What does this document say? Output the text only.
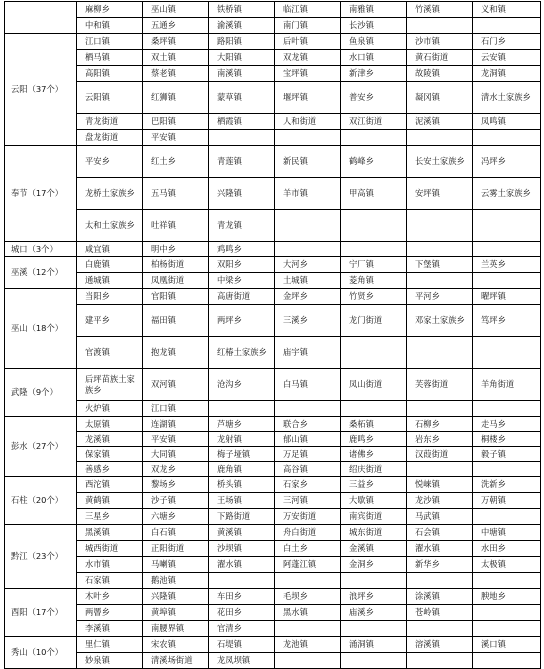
	麻柳乡	巫山镇	铁桥镇	临江镇	南雅镇	竹溪镇	义和镇
	中和镇	五通乡	渝溪镇	南门镇	长沙镇		
云阳（37个）	江口镇	桑坪镇	路阳镇	后叶镇	鱼泉镇	沙市镇	石门乡
	栖马镇	双土镇	大阳镇	双龙镇	水口镇	黄石街道	云安镇
	高阳镇	蔡老镇	南溪镇	宝坪镇	新津乡	故陵镇	龙洞镇
	云阳镇	红狮镇	蒙草镇	堰坪镇	普安乡	凝冈镇	清水土家族乡
	青龙街道	巴阳镇	栖霞镇	人和街道	双江街道	泥溪镇	凤鸣镇
	盘龙街道	平安镇					
奉节（17个）	平安乡	红土乡	青莲镇	新民镇	鹤峰乡	长安土家族乡	冯坪乡
	龙桥土家族乡	五马镇	兴隆镇	羊市镇	甲高镇	安坪镇	云雾土家族乡
	太和土家族乡	吐祥镇	青龙镇				
城口（3个）	咸宜镇	明中乡	鸡鸣乡				
巫溪（12个）	白鹿镇	柏杨街道	双阳乡	大河乡	宁厂镇	下堡镇	兰英乡
	通城镇	凤凰街道	中梁乡	土城镇	菱角镇		
巫山（18个）	当阳乡	官阳镇	高唐街道	金坪乡	竹贤乡	平河乡	曜坪镇
	建平乡	福田镇	两坪乡	三溪乡	龙门街道	邓家土家族乡	笃坪乡
	官渡镇	抱龙镇	红椿土家族乡	庙宇镇			
武隆（9个）	后坪苗族土家族乡	双河镇	沧沟乡	白马镇	凤山街道	芙蓉街道	羊角街道
	火炉镇	江口镇					
彭水（27个）	太原镇	连湖镇	芦塘乡	联合乡	桑柘镇	石柳乡	走马乡
	龙溪镇	平安镇	龙射镇	郁山镇	鹿鸣乡	岩东乡	桐楼乡
	保家镇	大同镇	梅子垭镇	万足镇	诸佛乡	汉葭街道	毅子镇
	善感乡	双龙乡	鹿角镇	高谷镇	绍庆街道		
石柱（20个）	西沱镇	黎场乡	桥头镇	石家乡	三益乡	悦崃镇	洗新乡
	黄鹤镇	沙子镇	王场镇	三河镇	大歇镇	龙沙镇	万朝镇
	三星乡	六塘乡	下路街道	万安街道	南宾街道	马武镇	
黔江（23个）	黑溪镇	白石镇	黄溪镇	舟白街道	城东街道	石会镇	中塘镇
	城西街道	正阳街道	沙坝镇	白土乡	金溪镇	濯水镇	水田乡
	水市镇	马喇镇	濯水镇	阿蓬江镇	金洞乡	新华乡	太极镇
	石家镇	鹅池镇					
酉阳（17个）	木叶乡	兴隆镇	车田乡	毛坝乡	浪坪乡	涂溪镇	腴地乡
	两罾乡	黄埠镇	花田乡	黑水镇	庙溪乡	苍岭镇	
	李溪镇	南腰界镇	官清乡				
秀山（10个）	里仁镇	宋农镇	石堤镇	龙池镇	涌洞镇	溶溪镇	溪口镇
	妙泉镇	清溪场街道	龙凤坝镇				
